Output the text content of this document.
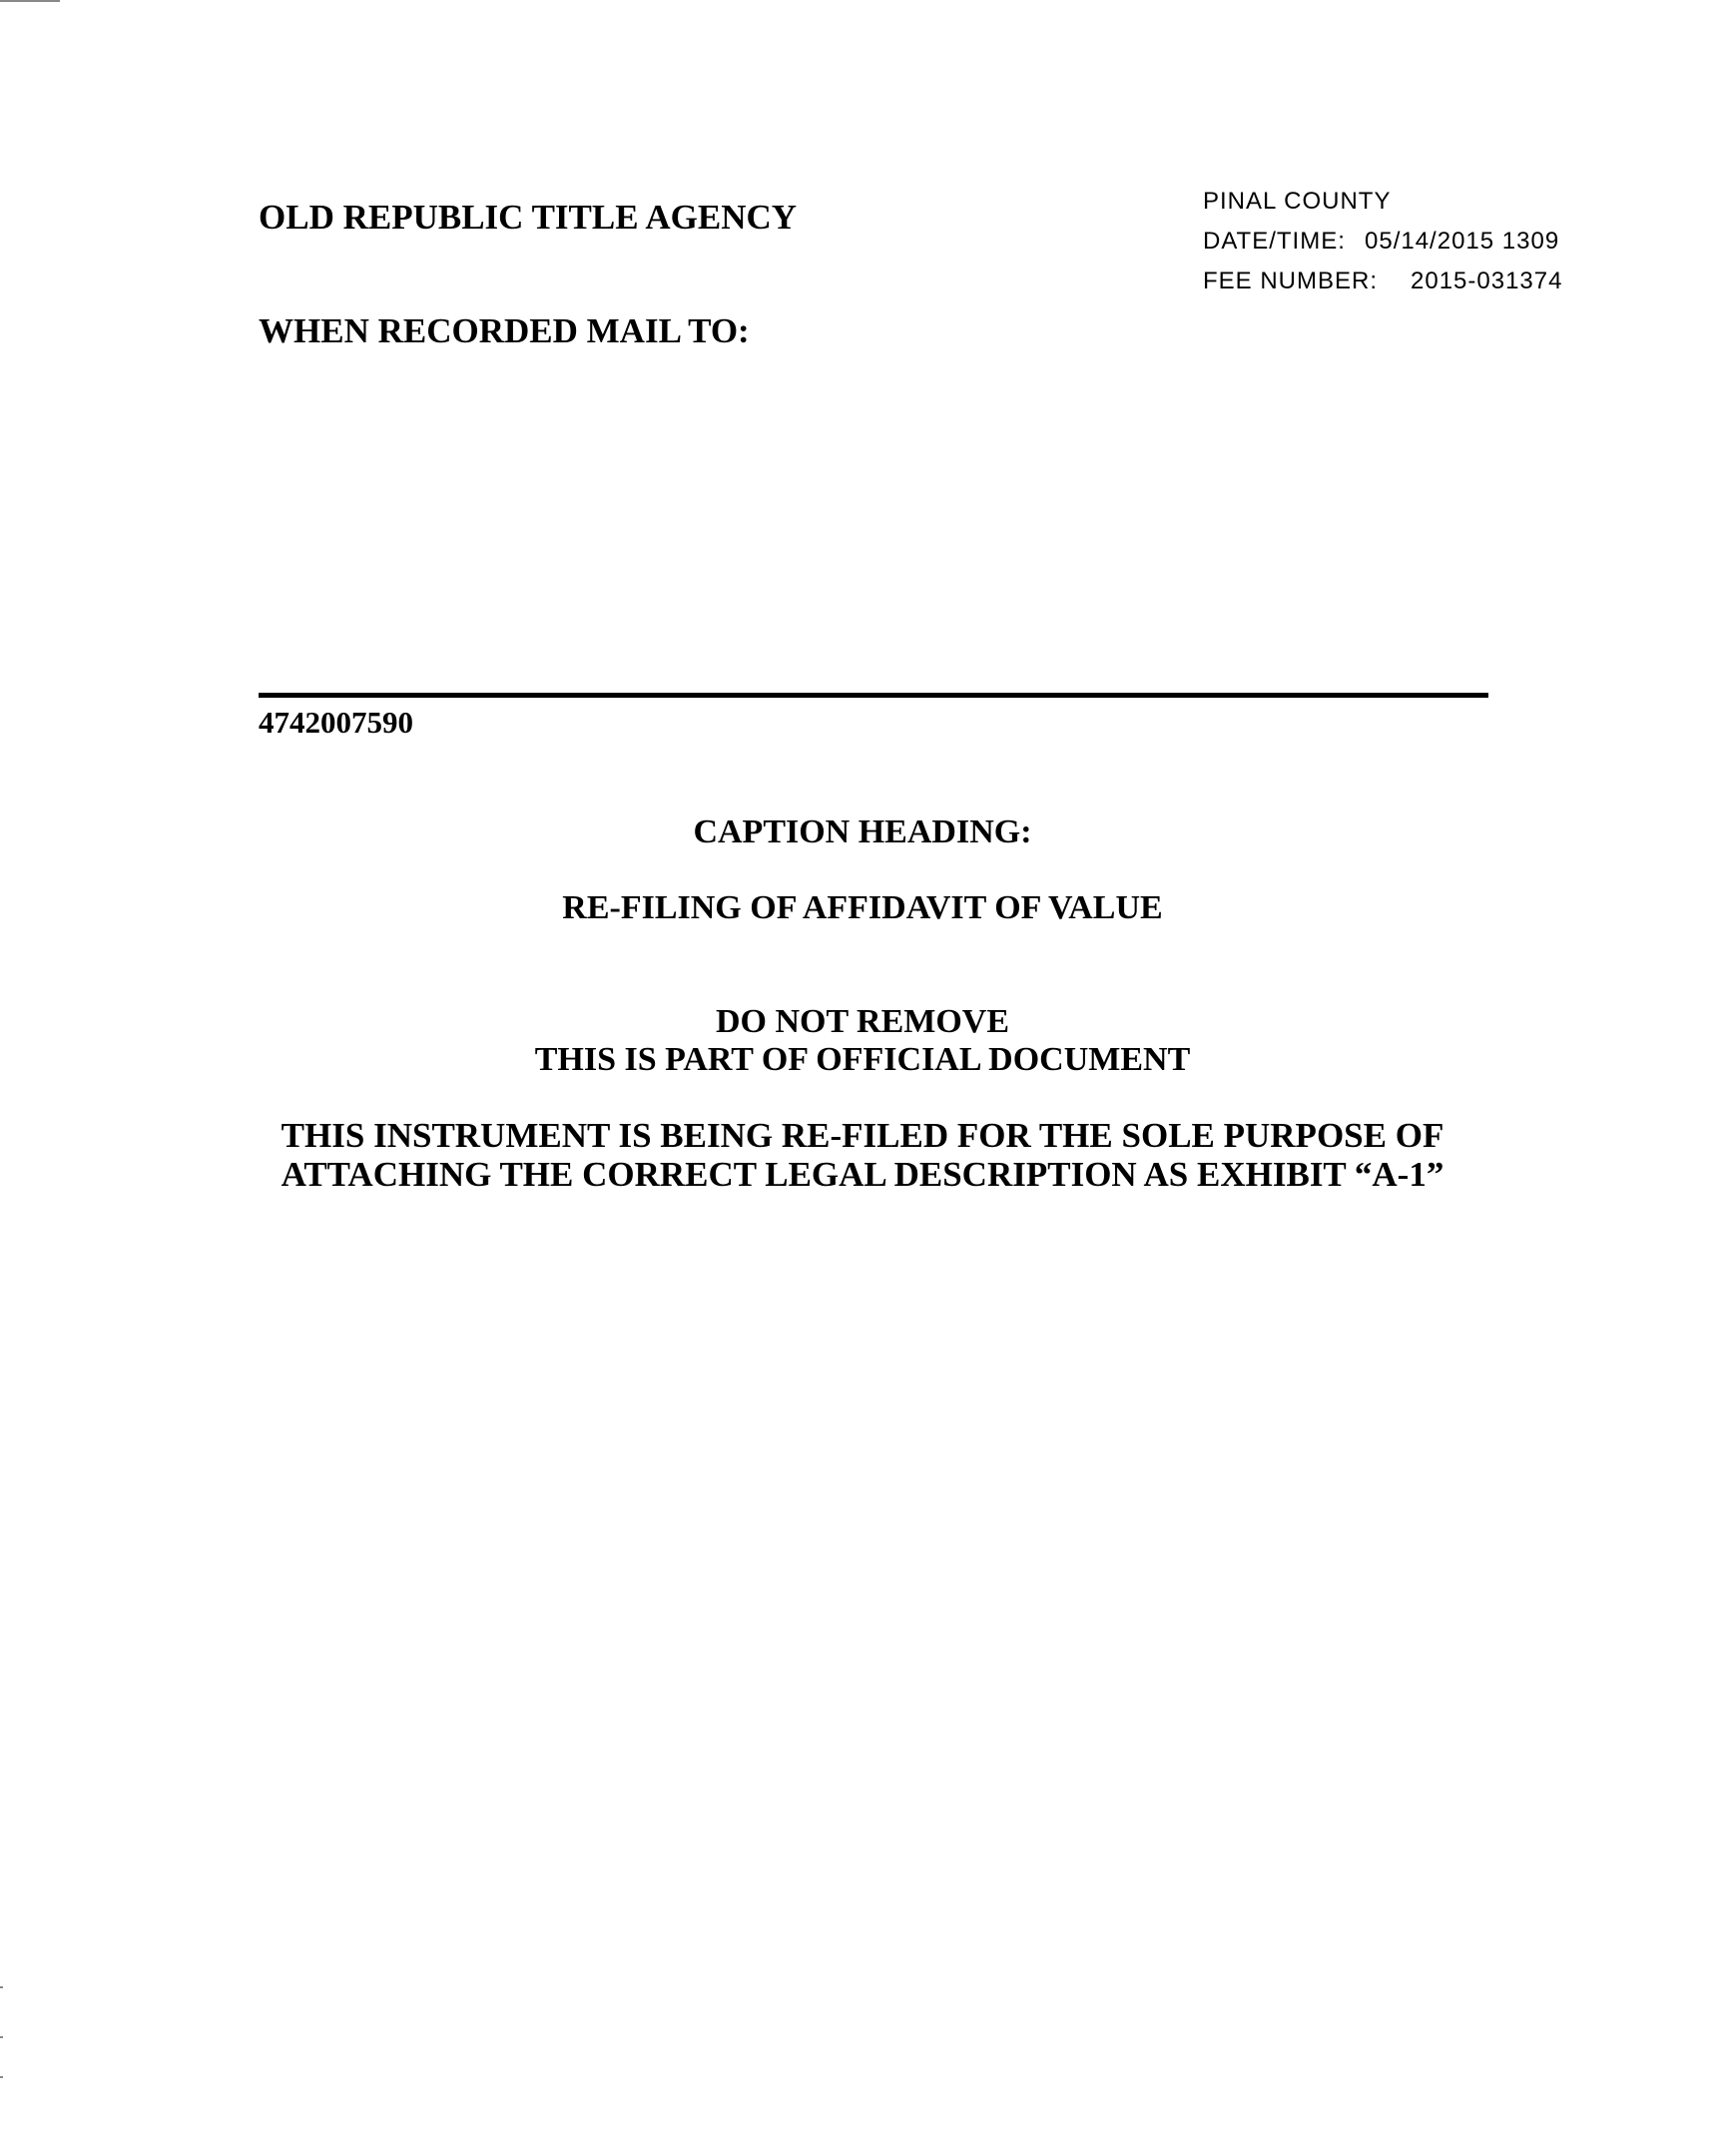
OLD REPUBLIC TITLE AGENCY
WHEN RECORDED MAIL TO:
PINAL COUNTY
DATE/TIME: 05/14/2015 1309
FEE NUMBER: 2015-031374
4742007590
CAPTION HEADING:
RE-FILING OF AFFIDAVIT OF VALUE
DO NOT REMOVE
THIS IS PART OF OFFICIAL DOCUMENT
THIS INSTRUMENT IS BEING RE-FILED FOR THE SOLE PURPOSE OF
ATTACHING THE CORRECT LEGAL DESCRIPTION AS EXHIBIT “A-1”
